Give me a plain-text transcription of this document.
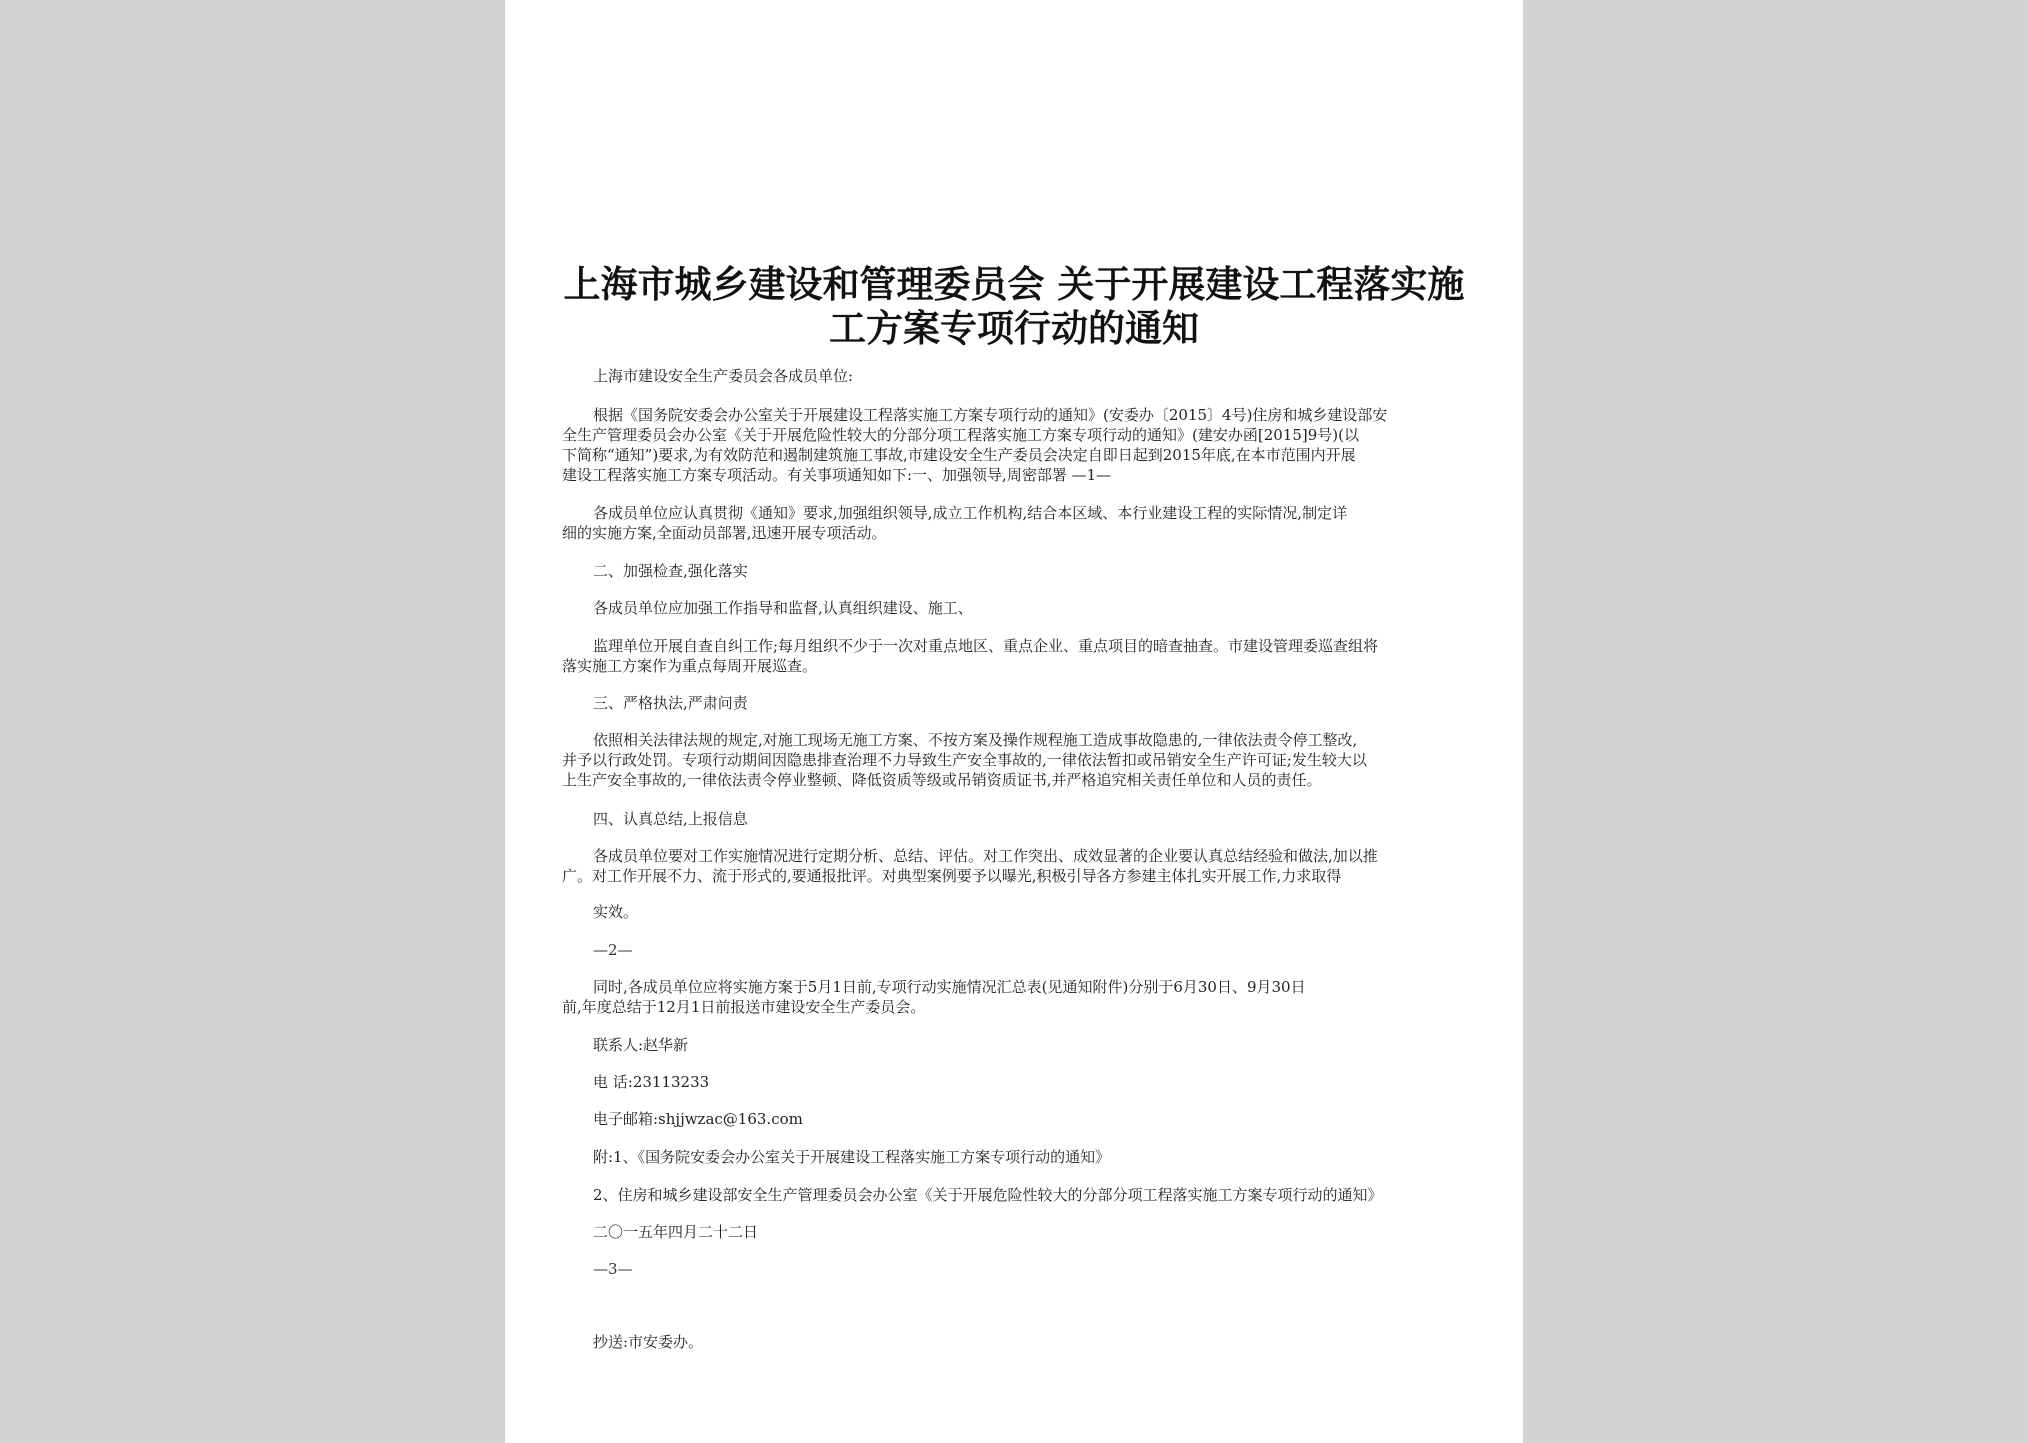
上海市城乡建设和管理委员会 关于开展建设工程落实施
工方案专项行动的通知

上海市建设安全生产委员会各成员单位:

根据《国务院安委会办公室关于开展建设工程落实施工方案专项行动的通知》(安委办〔2015〕4号)住房和城乡建设部安

全生产管理委员会办公室《关于开展危险性较大的分部分项工程落实施工方案专项行动的通知》(建安办函[2015]9号)(以

下简称“通知”)要求,为有效防范和遏制建筑施工事故,市建设安全生产委员会决定自即日起到2015年底,在本市范围内开展

建设工程落实施工方案专项活动。有关事项通知如下:一、加强领导,周密部署 —1—

各成员单位应认真贯彻《通知》要求,加强组织领导,成立工作机构,结合本区域、本行业建设工程的实际情况,制定详

细的实施方案,全面动员部署,迅速开展专项活动。

二、加强检查,强化落实

各成员单位应加强工作指导和监督,认真组织建设、施工、

监理单位开展自查自纠工作;每月组织不少于一次对重点地区、重点企业、重点项目的暗查抽查。市建设管理委巡查组将

落实施工方案作为重点每周开展巡查。

三、严格执法,严肃问责

依照相关法律法规的规定,对施工现场无施工方案、不按方案及操作规程施工造成事故隐患的,一律依法责令停工整改,

并予以行政处罚。专项行动期间因隐患排查治理不力导致生产安全事故的,一律依法暂扣或吊销安全生产许可证;发生较大以

上生产安全事故的,一律依法责令停业整顿、降低资质等级或吊销资质证书,并严格追究相关责任单位和人员的责任。

四、认真总结,上报信息

各成员单位要对工作实施情况进行定期分析、总结、评估。对工作突出、成效显著的企业要认真总结经验和做法,加以推

广。对工作开展不力、流于形式的,要通报批评。对典型案例要予以曝光,积极引导各方参建主体扎实开展工作,力求取得

实效。

—2—

同时,各成员单位应将实施方案于5月1日前,专项行动实施情况汇总表(见通知附件)分别于6月30日、9月30日

前,年度总结于12月1日前报送市建设安全生产委员会。

联系人:赵华新

电 话:23113233

电子邮箱:shjjwzac@163.com

附:1、《国务院安委会办公室关于开展建设工程落实施工方案专项行动的通知》

2、住房和城乡建设部安全生产管理委员会办公室《关于开展危险性较大的分部分项工程落实施工方案专项行动的通知》

二〇一五年四月二十二日

—3—

抄送:市安委办。
